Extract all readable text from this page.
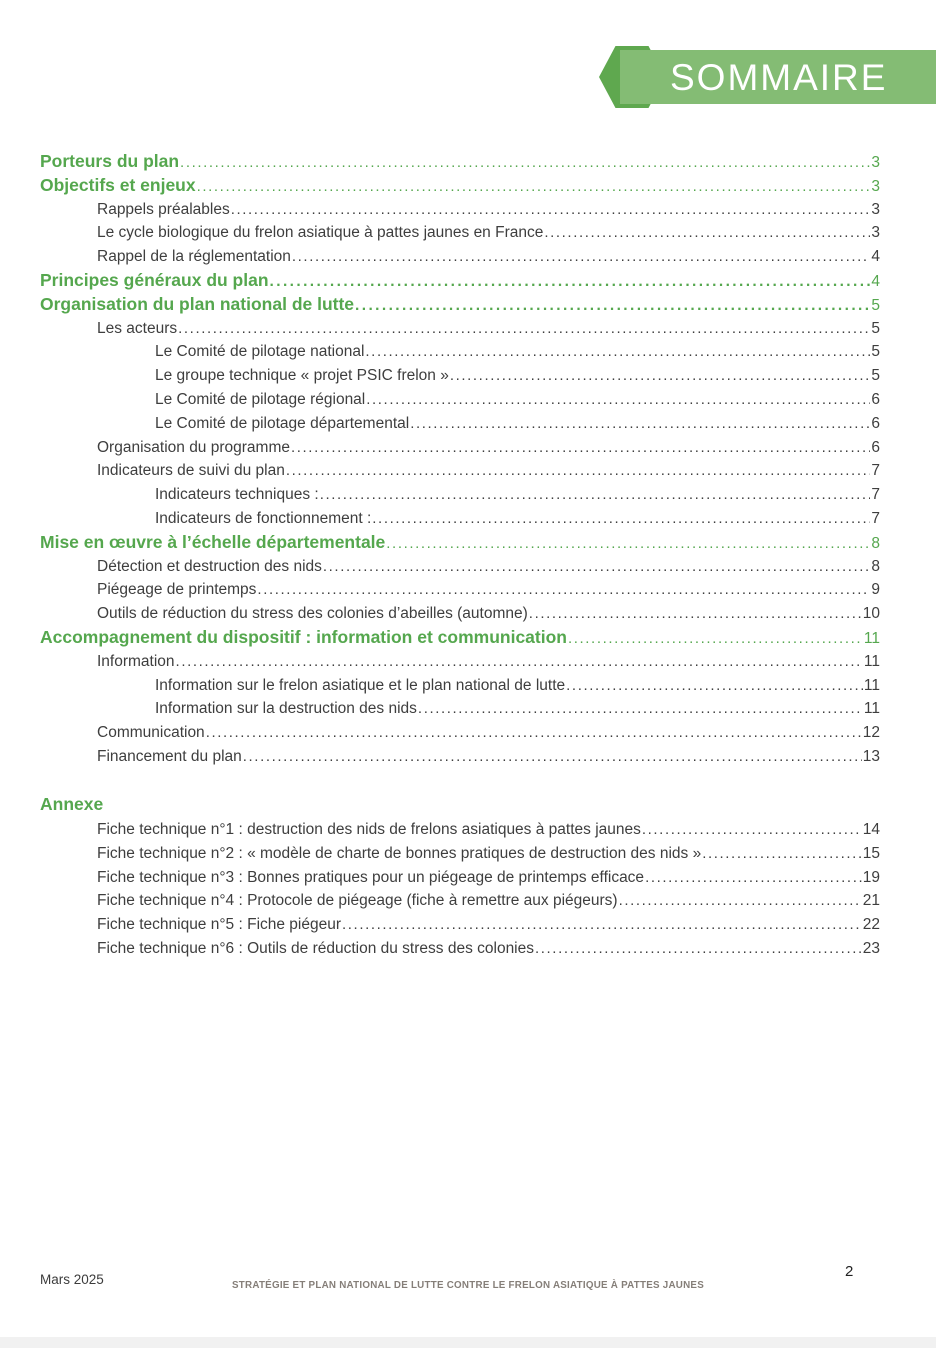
SOMMAIRE
Porteurs du plan .....	3
Objectifs et enjeux .....	3
Rappels préalables .....	3
Le cycle biologique du frelon asiatique à pattes jaunes en France .....	3
Rappel de la réglementation .....	4
Principes généraux du plan .....	4
Organisation du plan national de lutte .....	5
Les acteurs .....	5
Le Comité de pilotage national .....	5
Le groupe technique « projet PSIC frelon » .....	5
Le Comité de pilotage régional .....	6
Le Comité de pilotage départemental .....	6
Organisation du programme .....	6
Indicateurs de suivi du plan .....	7
Indicateurs techniques : .....	7
Indicateurs de fonctionnement : .....	7
Mise en œuvre à l’échelle départementale .....	8
Détection et destruction des nids .....	8
Piégeage de printemps .....	9
Outils de réduction du stress des colonies d’abeilles (automne) .....	10
Accompagnement du dispositif : information et communication .....	11
Information .....	11
Information sur le frelon asiatique et le plan national de lutte .....	11
Information sur la destruction des nids .....	11
Communication .....	12
Financement du plan .....	13
Annexe
Fiche technique n°1 : destruction des nids de frelons asiatiques à pattes jaunes .....	14
Fiche technique n°2 : « modèle de charte de bonnes pratiques de destruction des nids » .....	15
Fiche technique n°3 : Bonnes pratiques pour un piégeage de printemps efficace .....	19
Fiche technique n°4 : Protocole de piégeage (fiche à remettre aux piégeurs) .....	21
Fiche technique n°5 : Fiche piégeur .....	22
Fiche technique n°6 : Outils de réduction du stress des colonies .....	23
Mars 2025	STRATÉGIE ET PLAN NATIONAL DE LUTTE CONTRE LE FRELON ASIATIQUE À PATTES JAUNES
2
